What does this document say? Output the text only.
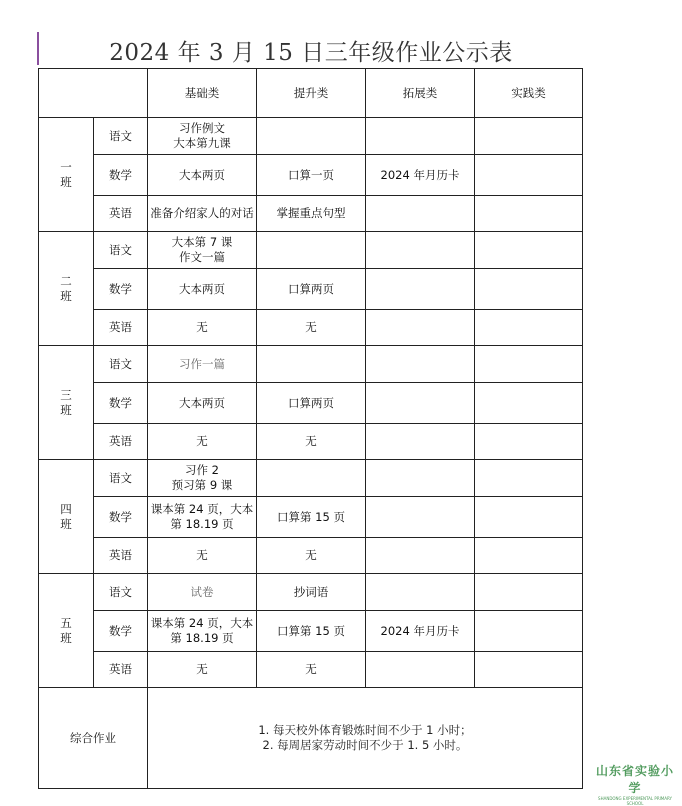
2024 年 3 月 15 日三年级作业公示表
		基础类	提升类	拓展类	实践类
一
班	语文	习作例文
大本第九课			
	数学	大本两页	口算一页	2024 年月历卡	
	英语	准备介绍家人的对话	掌握重点句型		
二
班	语文	大本第 7 课
作文一篇			
	数学	大本两页	口算两页		
	英语	无	无		
三
班	语文	习作一篇			
	数学	大本两页	口算两页		
	英语	无	无		
四
班	语文	习作 2
预习第 9 课			
	数学	课本第 24 页，大本第 18.19 页	口算第 15 页		
	英语	无	无		
五
班	语文	试卷	抄词语		
	数学	课本第 24 页，大本第 18.19 页	口算第 15 页	2024 年月历卡	
	英语	无	无		
综合作业		1. 每天校外体育锻炼时间不少于 1 小时；
2. 每周居家劳动时间不少于 1. 5 小时。			
山东省实验小学
SHANDONG EXPERIMENTAL PRIMARY SCHOOL
